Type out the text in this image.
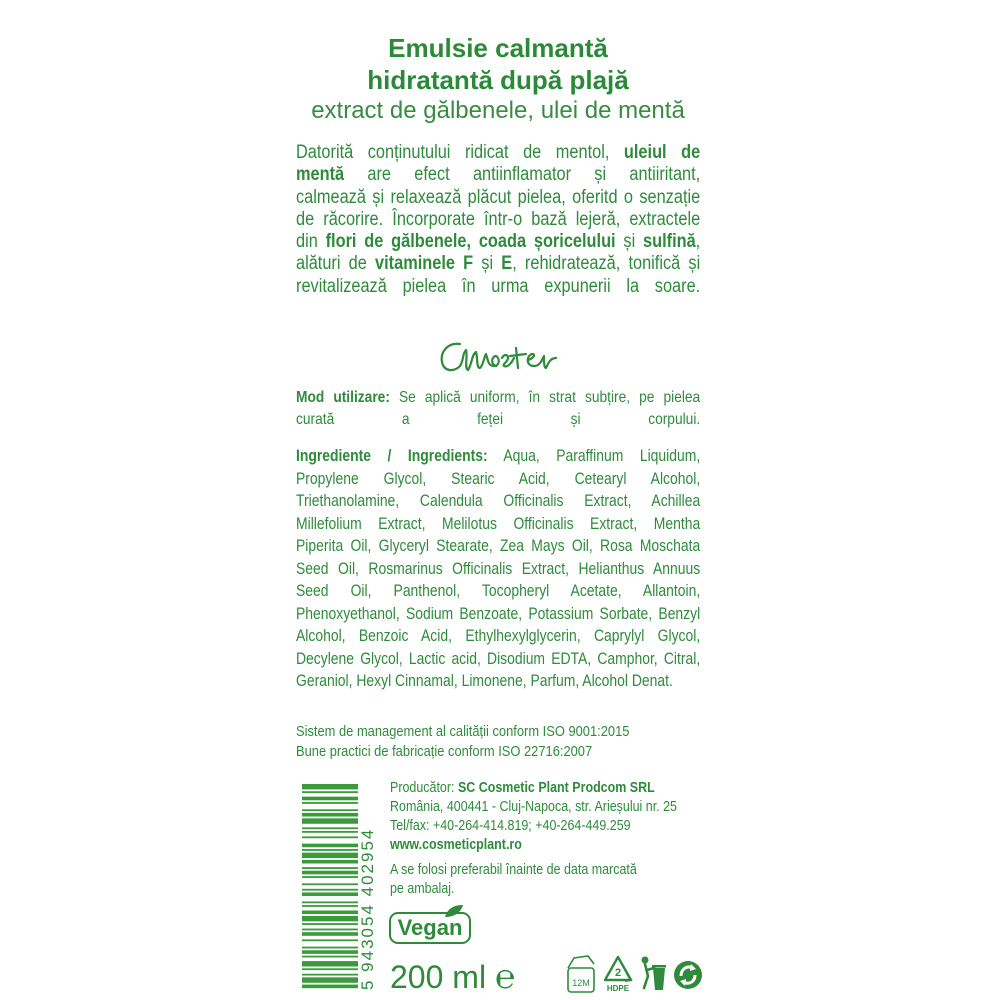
Emulsie calmantă
hidratantă după plajă
extract de gălbenele, ulei de mentă
Datorită conținutului ridicat de mentol, uleiul de
mentă are efect antiinflamator și antiiritant,
calmează și relaxează plăcut pielea, oferitd o senzație
de răcorire. Încorporate într-o bază lejeră, extractele
din flori de gălbenele, coada șoricelului și sulfină,
alături de vitaminele F și E, rehidratează, tonifică și
revitalizează pielea în urma expunerii la soare.
Mod utilizare: Se aplică uniform, în strat subțire, pe pielea
curată a feței și corpului.
Ingrediente / Ingredients: Aqua, Paraffinum Liquidum,
Propylene Glycol, Stearic Acid, Cetearyl Alcohol,
Triethanolamine, Calendula Officinalis Extract, Achillea
Millefolium Extract, Melilotus Officinalis Extract, Mentha
Piperita Oil, Glyceryl Stearate, Zea Mays Oil, Rosa Moschata
Seed Oil, Rosmarinus Officinalis Extract, Helianthus Annuus
Seed Oil, Panthenol, Tocopheryl Acetate, Allantoin,
Phenoxyethanol, Sodium Benzoate, Potassium Sorbate, Benzyl
Alcohol, Benzoic Acid, Ethylhexylglycerin, Caprylyl Glycol,
Decylene Glycol, Lactic acid, Disodium EDTA, Camphor, Citral,
Geraniol, Hexyl Cinnamal, Limonene, Parfum, Alcohol Denat.
Sistem de management al calității conform ISO 9001:2015
Bune practici de fabricație conform ISO 22716:2007
5 943054 402954
Producător: SC Cosmetic Plant Prodcom SRL
România, 400441 - Cluj-Napoca, str. Arieșului nr. 25
Tel/fax: +40-264-414.819; +40-264-449.259
www.cosmeticplant.ro
A se folosi preferabil înainte de data marcată
pe ambalaj.
Vegan
200 ml ℮	12M
2
HDPE
